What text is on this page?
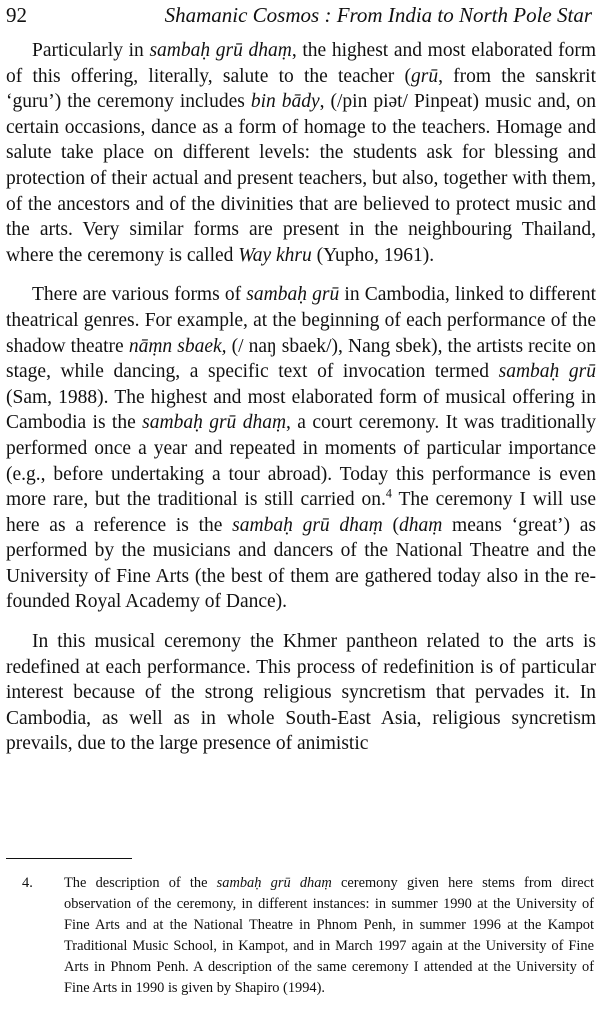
92	Shamanic Cosmos : From India to North Pole Star

Particularly in sambaḥ grū dhaṃ, the highest and most elaborated form of this offering, literally, salute to the teacher (grū, from the sanskrit ‘guru’) the ceremony includes bin bādy, (/pin piət/ Pinpeat) music and, on certain occasions, dance as a form of homage to the teachers. Homage and salute take place on different levels: the students ask for blessing and protection of their actual and present teachers, but also, together with them, of the ancestors and of the divinities that are believed to protect music and the arts. Very similar forms are present in the neighbouring Thailand, where the ceremony is called Way khru (Yupho, 1961).

There are various forms of sambaḥ grū in Cambodia, linked to different theatrical genres. For example, at the beginning of each performance of the shadow theatre nāṃn sbaek, (/ naŋ sbaek/), Nang sbek), the artists recite on stage, while dancing, a specific text of invocation termed sambaḥ grū (Sam, 1988). The highest and most elaborated form of musical offering in Cambodia is the sambaḥ grū dhaṃ, a court ceremony. It was traditionally performed once a year and repeated in moments of particular importance (e.g., before undertaking a tour abroad). Today this performance is even more rare, but the traditional is still carried on.$^4$ The ceremony I will use here as a reference is the sambaḥ grū dhaṃ (dhaṃ means ‘great’) as performed by the musicians and dancers of the National Theatre and the University of Fine Arts (the best of them are gathered today also in the re-founded Royal Academy of Dance).

In this musical ceremony the Khmer pantheon related to the arts is redefined at each performance. This process of redefinition is of particular interest because of the strong religious syncretism that pervades it. In Cambodia, as well as in whole South-East Asia, religious syncretism prevails, due to the large presence of animistic

4. The description of the sambaḥ grū dhaṃ ceremony given here stems from direct observation of the ceremony, in different instances: in summer 1990 at the University of Fine Arts and at the National Theatre in Phnom Penh, in summer 1996 at the Kampot Traditional Music School, in Kampot, and in March 1997 again at the University of Fine Arts in Phnom Penh. A description of the same ceremony I attended at the University of Fine Arts in 1990 is given by Shapiro (1994).
